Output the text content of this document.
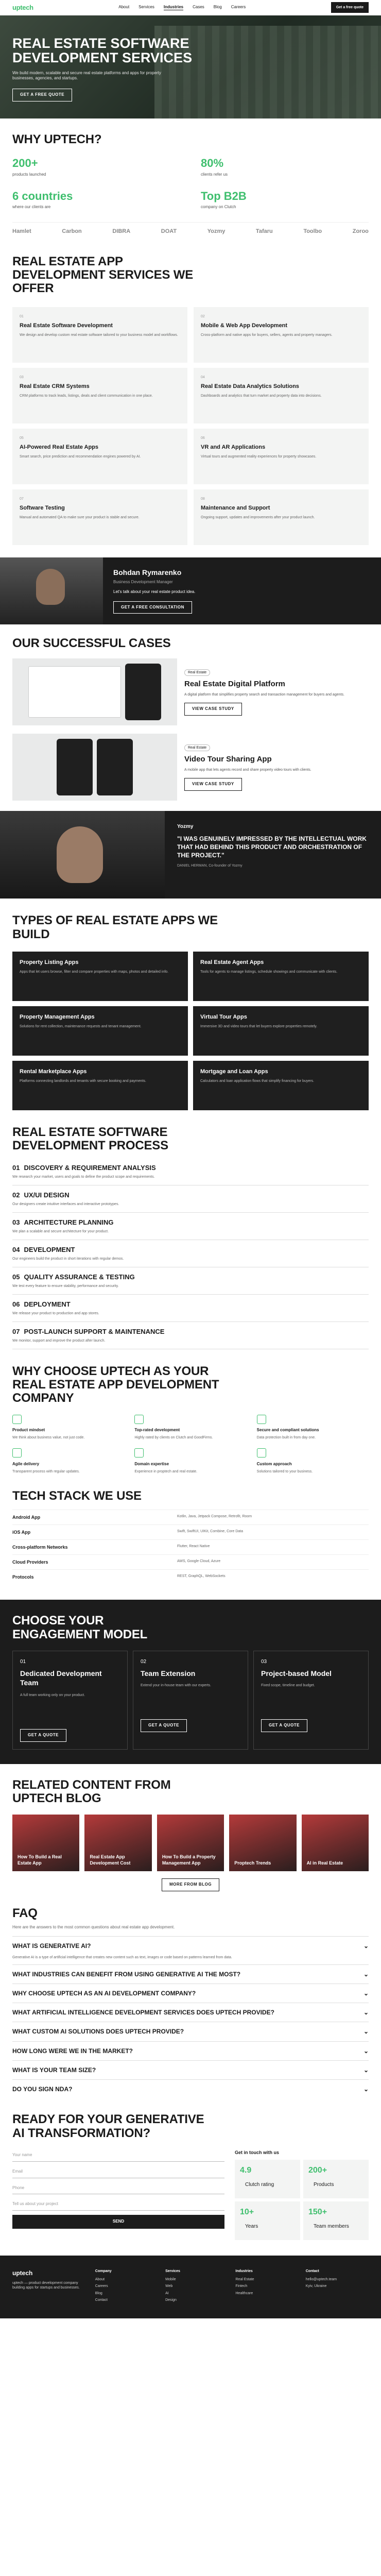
uptech	About Services Industries Cases Blog Careers	Get a free quote
REAL ESTATE SOFTWARE DEVELOPMENT SERVICES

We build modern, scalable and secure real estate platforms and apps for property businesses, agencies, and startups.

GET A FREE QUOTE
WHY UPTECH?
200+
products launched
80%
clients refer us
6 countries
where our clients are
Top B2B
company on Clutch
Hamlet	Carbon	DIBRA	DOAT	Yozmy	Tafaru	Toolbo	Zoroo
REAL ESTATE APP DEVELOPMENT SERVICES WE OFFER
01
Real Estate Software Development

We design and develop custom real estate software tailored to your business model and workflows.

02
Mobile & Web App Development

Cross-platform and native apps for buyers, sellers, agents and property managers.

03
Real Estate CRM Systems

CRM platforms to track leads, listings, deals and client communication in one place.

04
Real Estate Data Analytics Solutions

Dashboards and analytics that turn market and property data into decisions.

05
AI-Powered Real Estate Apps

Smart search, price prediction and recommendation engines powered by AI.

06
VR and AR Applications

Virtual tours and augmented reality experiences for property showcases.

07
Software Testing

Manual and automated QA to make sure your product is stable and secure.

08
Maintenance and Support

Ongoing support, updates and improvements after your product launch.

Bohdan Rymarenko
Business Development Manager
Let's talk about your real estate product idea.
GET A FREE CONSULTATION
OUR SUCCESSFUL CASES
Real Estate
Real Estate Digital Platform

A digital platform that simplifies property search and transaction management for buyers and agents.

VIEW CASE STUDY
Real Estate
Video Tour Sharing App

A mobile app that lets agents record and share property video tours with clients.

VIEW CASE STUDY
Yozmy
"I WAS GENUINELY IMPRESSED BY THE INTELLECTUAL WORK THAT HAD BEHIND THIS PRODUCT AND ORCHESTRATION OF THE PROJECT."
DANIEL HERMAN, Co-founder of Yozmy
TYPES OF REAL ESTATE APPS WE BUILD
Property Listing Apps

Apps that let users browse, filter and compare properties with maps, photos and detailed info.

Real Estate Agent Apps

Tools for agents to manage listings, schedule showings and communicate with clients.

Property Management Apps

Solutions for rent collection, maintenance requests and tenant management.

Virtual Tour Apps

Immersive 3D and video tours that let buyers explore properties remotely.

Rental Marketplace Apps

Platforms connecting landlords and tenants with secure booking and payments.

Mortgage and Loan Apps

Calculators and loan application flows that simplify financing for buyers.

REAL ESTATE SOFTWARE DEVELOPMENT PROCESS
01 DISCOVERY & REQUIREMENT ANALYSIS

We research your market, users and goals to define the product scope and requirements.

02 UX/UI DESIGN

Our designers create intuitive interfaces and interactive prototypes.

03 ARCHITECTURE PLANNING

We plan a scalable and secure architecture for your product.

04 DEVELOPMENT

Our engineers build the product in short iterations with regular demos.

05 QUALITY ASSURANCE & TESTING

We test every feature to ensure stability, performance and security.

06 DEPLOYMENT

We release your product to production and app stores.

07 POST-LAUNCH SUPPORT & MAINTENANCE

We monitor, support and improve the product after launch.

WHY CHOOSE UPTECH AS YOUR REAL ESTATE APP DEVELOPMENT COMPANY
Product mindset
We think about business value, not just code.
Top-rated development
Highly rated by clients on Clutch and GoodFirms.
Secure and compliant solutions
Data protection built in from day one.
Agile delivery
Transparent process with regular updates.
Domain expertise
Experience in proptech and real estate.
Custom approach
Solutions tailored to your business.
TECH STACK WE USE
Android App	Kotlin, Java, Jetpack Compose, Retrofit, Room
iOS App	Swift, SwiftUI, UIKit, Combine, Core Data
Cross-platform Networks	Flutter, React Native
Cloud Providers	AWS, Google Cloud, Azure
Protocols	REST, GraphQL, WebSockets
CHOOSE YOUR ENGAGEMENT MODEL
01
Dedicated Development Team

A full team working only on your product.

GET A QUOTE
02
Team Extension

Extend your in-house team with our experts.

GET A QUOTE
03
Project-based Model

Fixed scope, timeline and budget.

GET A QUOTE
RELATED CONTENT FROM UPTECH BLOG
How To Build a Real Estate App
Real Estate App Development Cost
How To Build a Property Management App	Proptech Trends	AI in Real Estate
MORE FROM BLOG
FAQ

Here are the answers to the most common questions about real estate app development.

WHAT IS GENERATIVE AI?	⌄
Generative AI is a type of artificial intelligence that creates new content such as text, images or code based on patterns learned from data.
WHAT INDUSTRIES CAN BENEFIT FROM USING GENERATIVE AI THE MOST?	⌄
WHY CHOOSE UPTECH AS AN AI DEVELOPMENT COMPANY?	⌄
WHAT ARTIFICIAL INTELLIGENCE DEVELOPMENT SERVICES DOES UPTECH PROVIDE?	⌄
WHAT CUSTOM AI SOLUTIONS DOES UPTECH PROVIDE?	⌄
HOW LONG WERE WE IN THE MARKET?	⌄
WHAT IS YOUR TEAM SIZE?	⌄
DO YOU SIGN NDA?	⌄
READY FOR YOUR GENERATIVE AI TRANSFORMATION?
Your name
Email
Phone
Tell us about your project
SEND
Get in touch with us
4.9
Clutch rating
200+
Products
10+
Years
150+
Team members
uptech
uptech — product development company building apps for startups and businesses.
Company
About
Careers
Blog
Contact
Services
Mobile
Web
AI
Design
Industries
Real Estate
Fintech
Healthcare
Contact
hello@uptech.team
Kyiv, Ukraine
